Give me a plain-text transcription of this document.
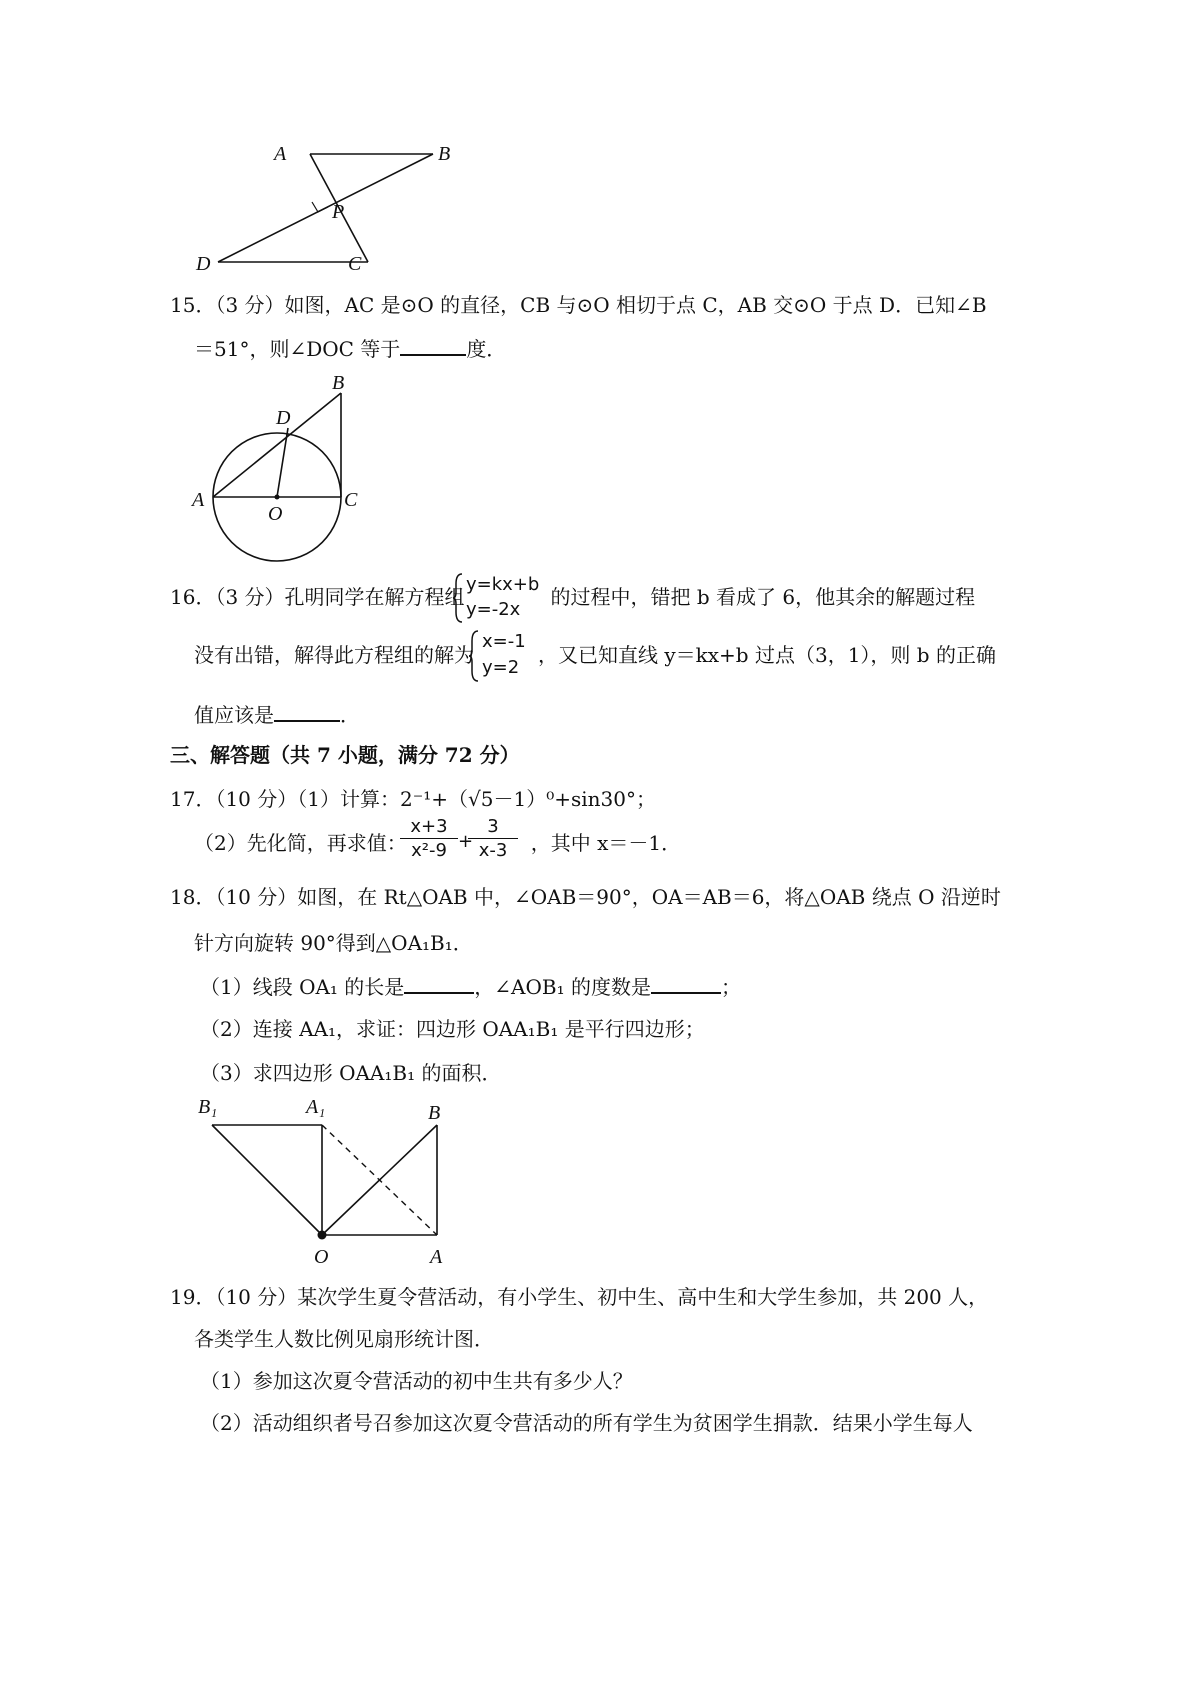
A	B
P
D	C
15．（3 分）如图，AC 是⊙O 的直径，CB 与⊙O 相切于点 C，AB 交⊙O 于点 D．已知∠B
＝51°，则∠DOC 等于	度．
B
D
A
O
C
16．（3 分）孔明同学在解方程组	的过程中，错把 b 看成了 6，他其余的解题过程
y=kx+b
y=-2x
没有出错，解得此方程组的解为	，又已知直线 y＝kx+b 过点（3，1），则 b 的正确
x=-1
y=2
值应该是	．
三、解答题（共 7 小题，满分 72 分）
17．（10 分）（1）计算：2⁻¹+（√5－1）⁰+sin30°；
（2）先化简，再求值：	，其中 x＝－1．
$\frac{x+3}{\text{x²-9}}$ +
$\frac{3}{x-3}$
18．（10 分）如图，在 Rt△OAB 中，∠OAB＝90°，OA＝AB＝6，将△OAB 绕点 O 沿逆时
针方向旋转 90°得到△OA₁B₁．
（1）线段 OA₁ 的长是	，∠AOB₁ 的度数是	；
（2）连接 AA₁，求证：四边形 OAA₁B₁ 是平行四边形；
（3）求四边形 OAA₁B₁ 的面积．
B₁	A₁	B
O	A
19．（10 分）某次学生夏令营活动，有小学生、初中生、高中生和大学生参加，共 200 人，
各类学生人数比例见扇形统计图．
（1）参加这次夏令营活动的初中生共有多少人？
（2）活动组织者号召参加这次夏令营活动的所有学生为贫困学生捐款．结果小学生每人
